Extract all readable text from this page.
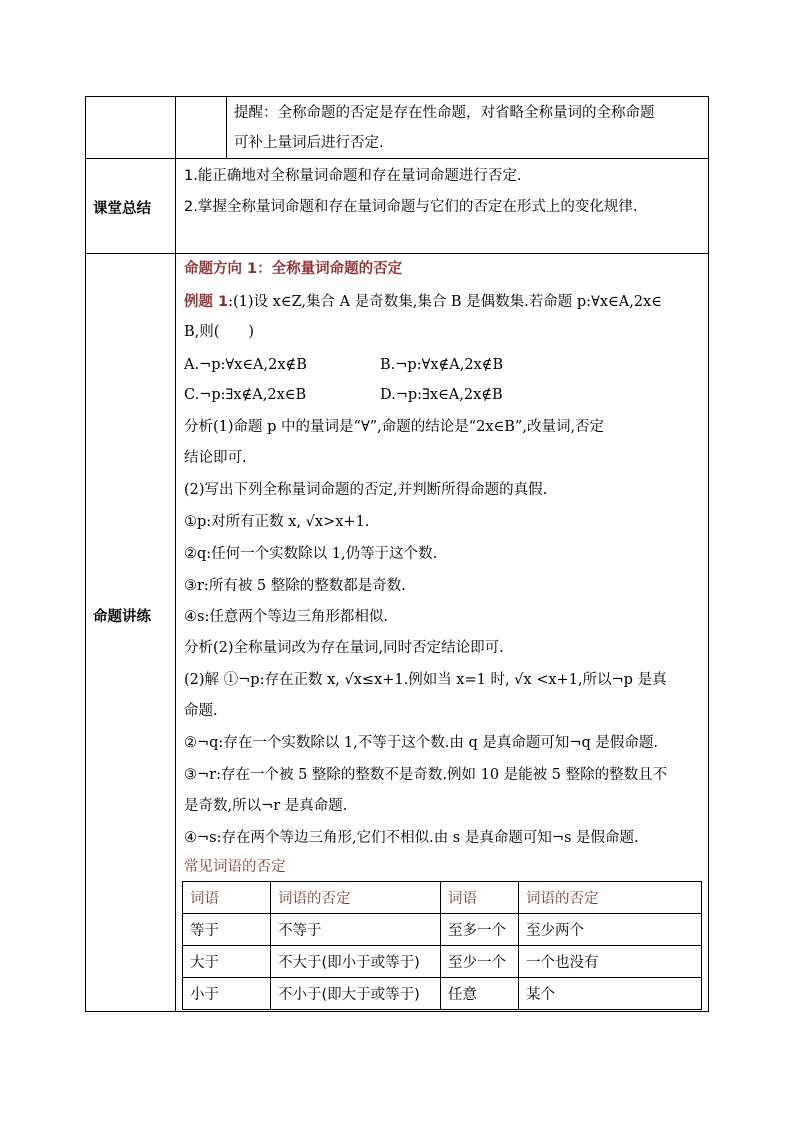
提醒：全称命题的否定是存在性命题，对省略全称量词的全称命题
可补上量词后进行否定.
课堂总结
1.能正确地对全称量词命题和存在量词命题进行否定.
2.掌握全称量词命题和存在量词命题与它们的否定在形式上的变化规律.
命题讲练
命题方向 1：全称量词命题的否定
例题 1:(1)设 x∈Z,集合 A 是奇数集,集合 B 是偶数集.若命题 p:∀x∈A,2x∈
B,则(　　)
A.¬p:∀x∈A,2x∉B	B.¬p:∀x∉A,2x∉B
C.¬p:∃x∉A,2x∈B	D.¬p:∃x∈A,2x∉B
分析(1)命题 p 中的量词是“∀”,命题的结论是“2x∈B”,改量词,否定
结论即可.
(2)写出下列全称量词命题的否定,并判断所得命题的真假.
①p:对所有正数 x, √x>x+1.
②q:任何一个实数除以 1,仍等于这个数.
③r:所有被 5 整除的整数都是奇数.
④s:任意两个等边三角形都相似.
分析(2)全称量词改为存在量词,同时否定结论即可.
(2)解 ①¬p:存在正数 x, √x≤x+1.例如当 x=1 时, √x <x+1,所以¬p 是真
命题.
②¬q:存在一个实数除以 1,不等于这个数.由 q 是真命题可知¬q 是假命题.
③¬r:存在一个被 5 整除的整数不是奇数.例如 10 是能被 5 整除的整数且不
是奇数,所以¬r 是真命题.
④¬s:存在两个等边三角形,它们不相似.由 s 是真命题可知¬s 是假命题.
常见词语的否定
词语	词语的否定	词语	词语的否定
等于	不等于	至多一个	至少两个
大于	不大于(即小于或等于)	至少一个	一个也没有
小于	不小于(即大于或等于)	任意	某个
